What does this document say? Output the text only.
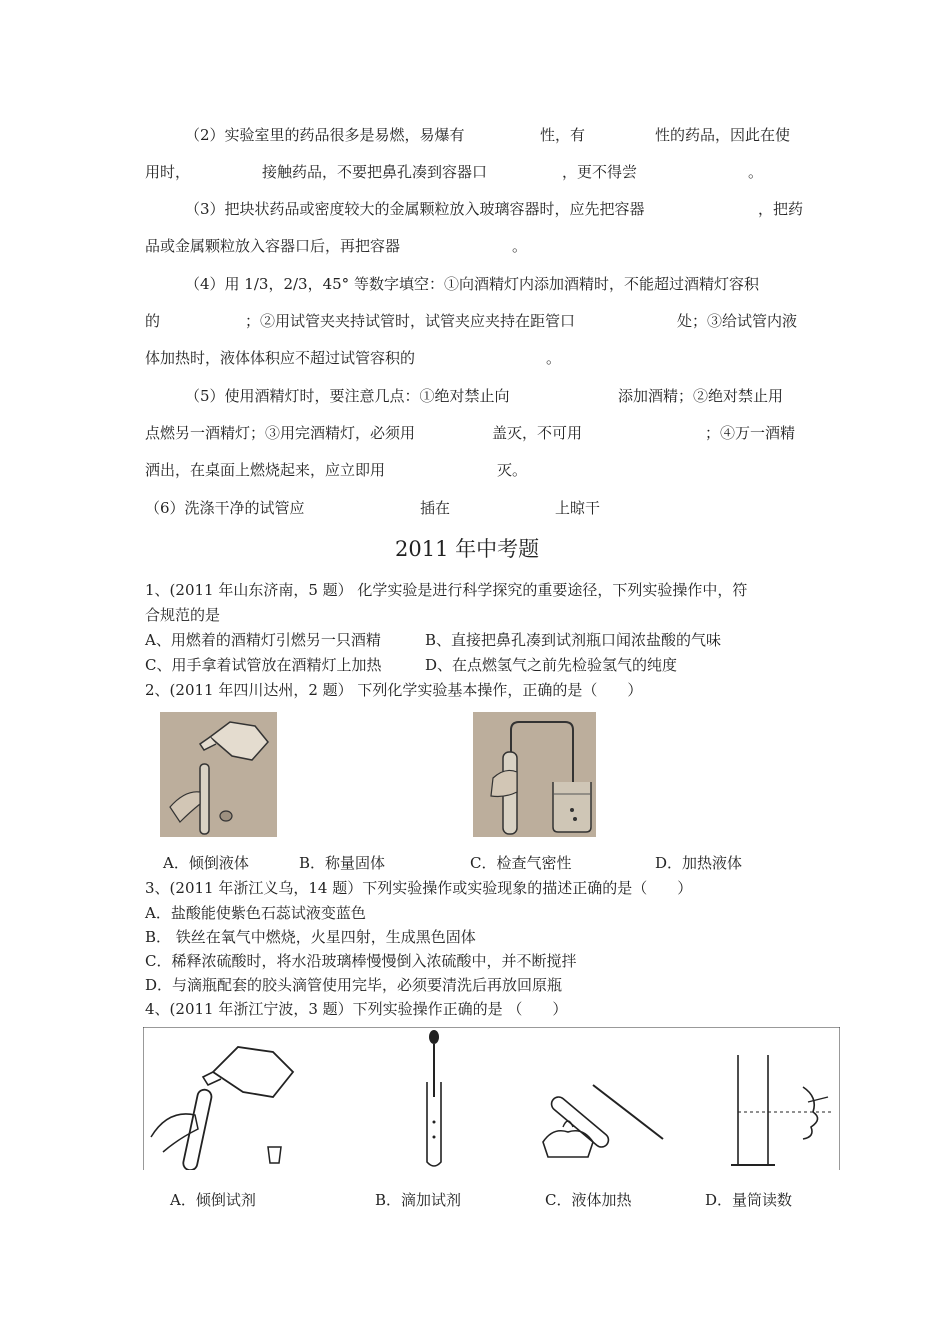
（2）实验室里的药品很多是易燃，易爆有	性，有	性的药品，因此在使
用时，	接触药品，不要把鼻孔凑到容器口	，更不得尝	。
（3）把块状药品或密度较大的金属颗粒放入玻璃容器时，应先把容器	，把药
品或金属颗粒放入容器口后，再把容器	。
（4）用 1/3，2/3，45° 等数字填空：①向酒精灯内添加酒精时，不能超过酒精灯容积
的	；②用试管夹夹持试管时，试管夹应夹持在距管口	处；③给试管内液
体加热时，液体体积应不超过试管容积的	。
（5）使用酒精灯时，要注意几点：①绝对禁止向	添加酒精；②绝对禁止用
点燃另一酒精灯；③用完酒精灯，必须用	盖灭，不可用	；④万一酒精
洒出，在桌面上燃烧起来，应立即用	灭。
（6）洗涤干净的试管应	插在	上晾干
2011 年中考题
1、(2011 年山东济南，5 题） 化学实验是进行科学探究的重要途径，下列实验操作中，符
合规范的是
A、用燃着的酒精灯引燃另一只酒精	B、直接把鼻孔凑到试剂瓶口闻浓盐酸的气味
C、用手拿着试管放在酒精灯上加热	D、在点燃氢气之前先检验氢气的纯度
2、(2011 年四川达州，2 题） 下列化学实验基本操作，正确的是（　　）
A．倾倒液体	B．称量固体	C．检查气密性	D．加热液体
3、(2011 年浙江义乌，14 题）下列实验操作或实验现象的描述正确的是（　　）
A．盐酸能使紫色石蕊试液变蓝色
B． 铁丝在氧气中燃烧，火星四射，生成黑色固体
C．稀释浓硫酸时，将水沿玻璃棒慢慢倒入浓硫酸中，并不断搅拌
D．与滴瓶配套的胶头滴管使用完毕，必须要清洗后再放回原瓶
4、(2011 年浙江宁波，3 题）下列实验操作正确的是 （　　）
A．倾倒试剂	B．滴加试剂	C．液体加热	D．量筒读数
